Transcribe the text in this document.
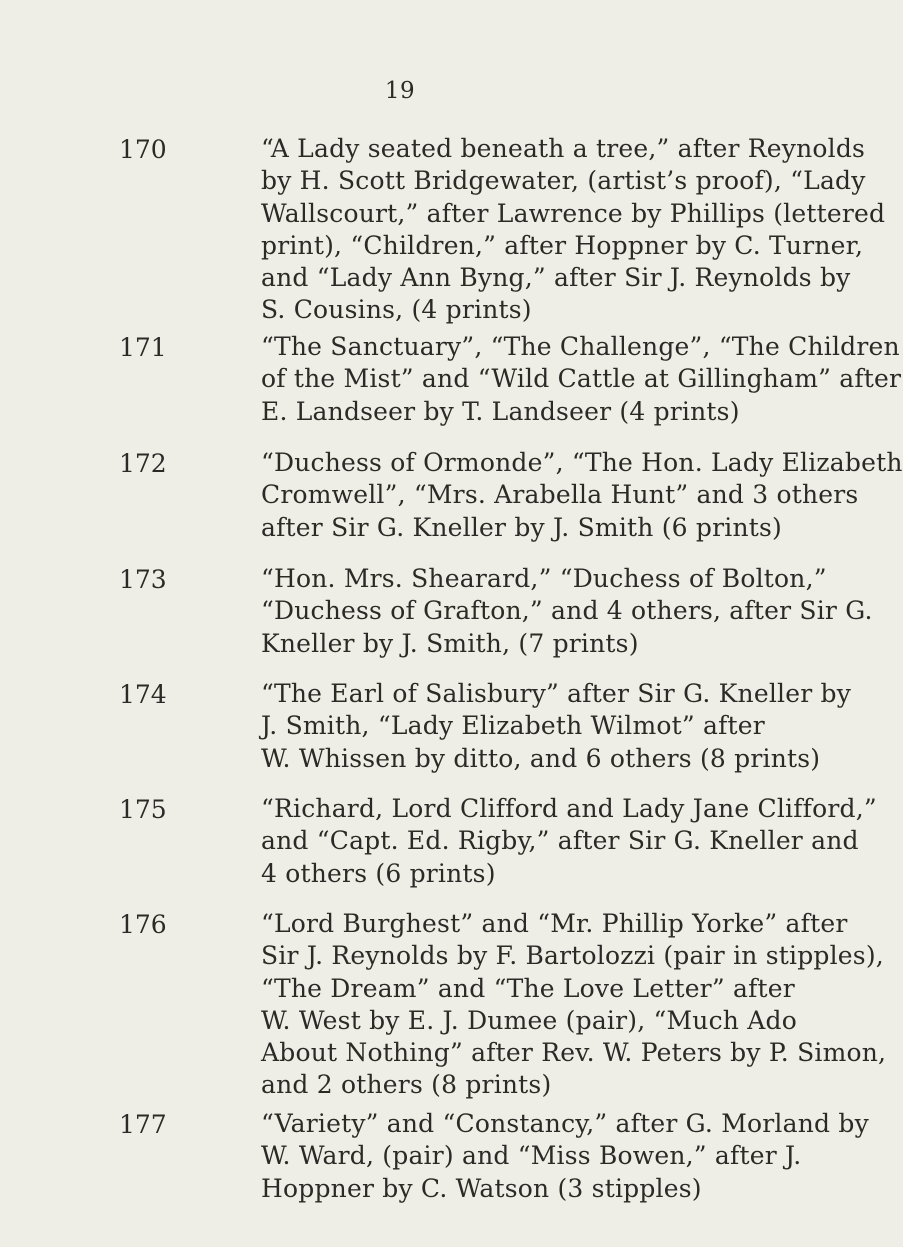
19
170	“A Lady seated beneath a tree,” after Reynolds
by H. Scott Bridgewater, (artist’s proof), “Lady
Wallscourt,” after Lawrence by Phillips (lettered
print), “Children,” after Hoppner by C. Turner,
and “Lady Ann Byng,” after Sir J. Reynolds by
S. Cousins, (4 prints)
171	“The Sanctuary”, “The Challenge”, “The Children
of the Mist” and “Wild Cattle at Gillingham” after
E. Landseer by T. Landseer (4 prints)
172	“Duchess of Ormonde”, “The Hon. Lady Elizabeth
Cromwell”, “Mrs. Arabella Hunt” and 3 others
after Sir G. Kneller by J. Smith (6 prints)
173	“Hon. Mrs. Shearard,” “Duchess of Bolton,”
“Duchess of Grafton,” and 4 others, after Sir G.
Kneller by J. Smith, (7 prints)
174	“The Earl of Salisbury” after Sir G. Kneller by
J. Smith, “Lady Elizabeth Wilmot” after
W. Whissen by ditto, and 6 others (8 prints)
175	“Richard, Lord Clifford and Lady Jane Clifford,”
and “Capt. Ed. Rigby,” after Sir G. Kneller and
4 others (6 prints)
176	“Lord Burghest” and “Mr. Phillip Yorke” after
Sir J. Reynolds by F. Bartolozzi (pair in stipples),
“The Dream” and “The Love Letter” after
W. West by E. J. Dumee (pair), “Much Ado
About Nothing” after Rev. W. Peters by P. Simon,
and 2 others (8 prints)
177	“Variety” and “Constancy,” after G. Morland by
W. Ward, (pair) and “Miss Bowen,” after J.
Hoppner by C. Watson (3 stipples)
